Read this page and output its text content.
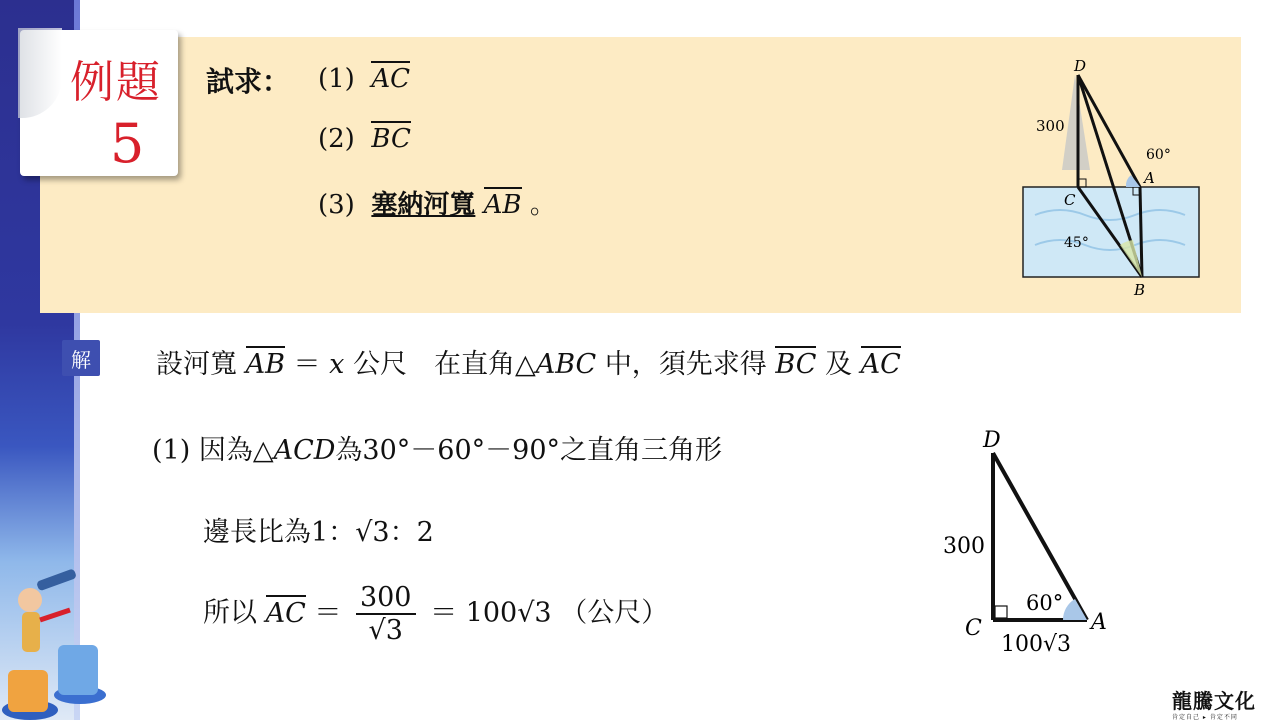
例題
5
試求： (1) AC
(2) BC
(3) 塞納河寬 AB 。
D
C
A
B
300
60°
45°
解	設河寬 AB ＝ x 公尺　在直角△ABC 中，須先求得 BC 及 AC
(1) 因為△ACD為30°－60°－90°之直角三角形
邊長比為1：√3：2
所以 AC ＝ $\frac{300}{√3} = 100√3$ （公尺）
D
C	A
300
60°
100√3
龍騰文化
肯定自己 ▸ 肯定不同
